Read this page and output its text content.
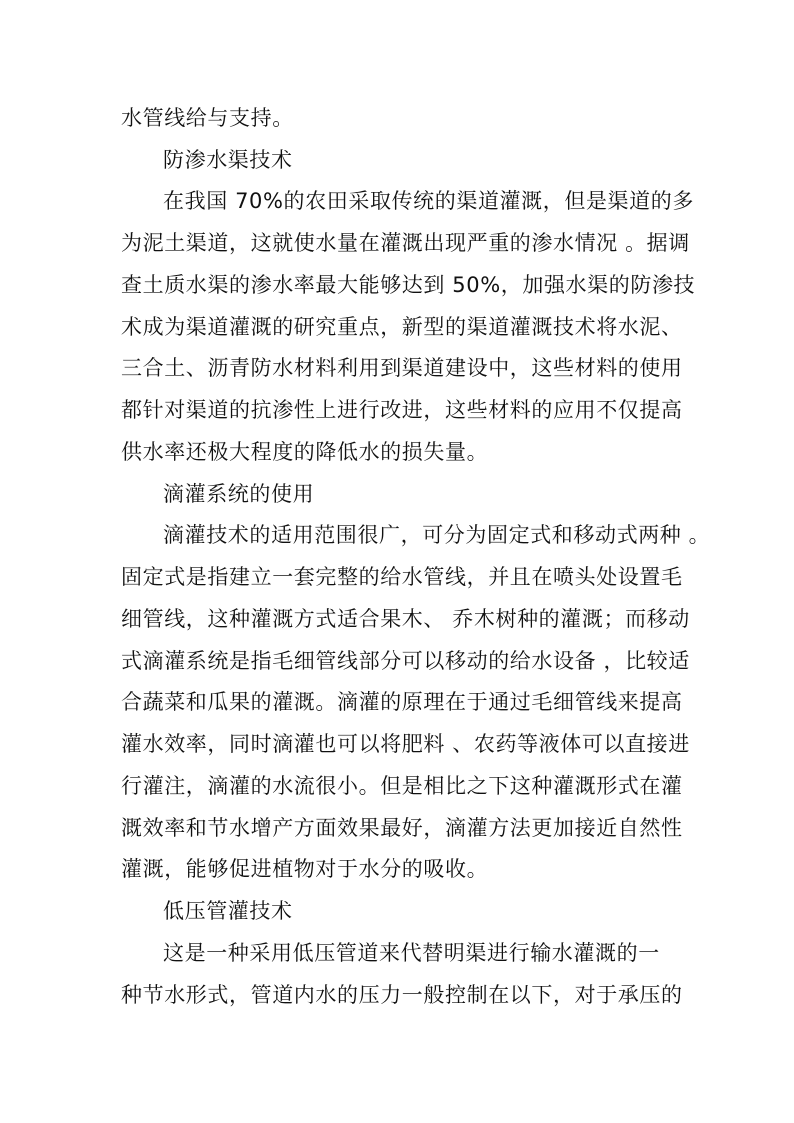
水管线给与支持。
防渗水渠技术
在我国 70%的农田采取传统的渠道灌溉，但是渠道的多
为泥土渠道，这就使水量在灌溉出现严重的渗水情况 。据调
查土质水渠的渗水率最大能够达到 50%，加强水渠的防渗技
术成为渠道灌溉的研究重点，新型的渠道灌溉技术将水泥、
三合土、沥青防水材料利用到渠道建设中，这些材料的使用
都针对渠道的抗渗性上进行改进，这些材料的应用不仅提高
供水率还极大程度的降低水的损失量。
滴灌系统的使用
滴灌技术的适用范围很广，可分为固定式和移动式两种 。
固定式是指建立一套完整的给水管线，并且在喷头处设置毛
细管线，这种灌溉方式适合果木、 乔木树种的灌溉；而移动
式滴灌系统是指毛细管线部分可以移动的给水设备 ，比较适
合蔬菜和瓜果的灌溉。滴灌的原理在于通过毛细管线来提高
灌水效率，同时滴灌也可以将肥料 、农药等液体可以直接进
行灌注，滴灌的水流很小。但是相比之下这种灌溉形式在灌
溉效率和节水增产方面效果最好，滴灌方法更加接近自然性
灌溉，能够促进植物对于水分的吸收。
低压管灌技术
这是一种采用低压管道来代替明渠进行输水灌溉的一
种节水形式，管道内水的压力一般控制在以下，对于承压的
